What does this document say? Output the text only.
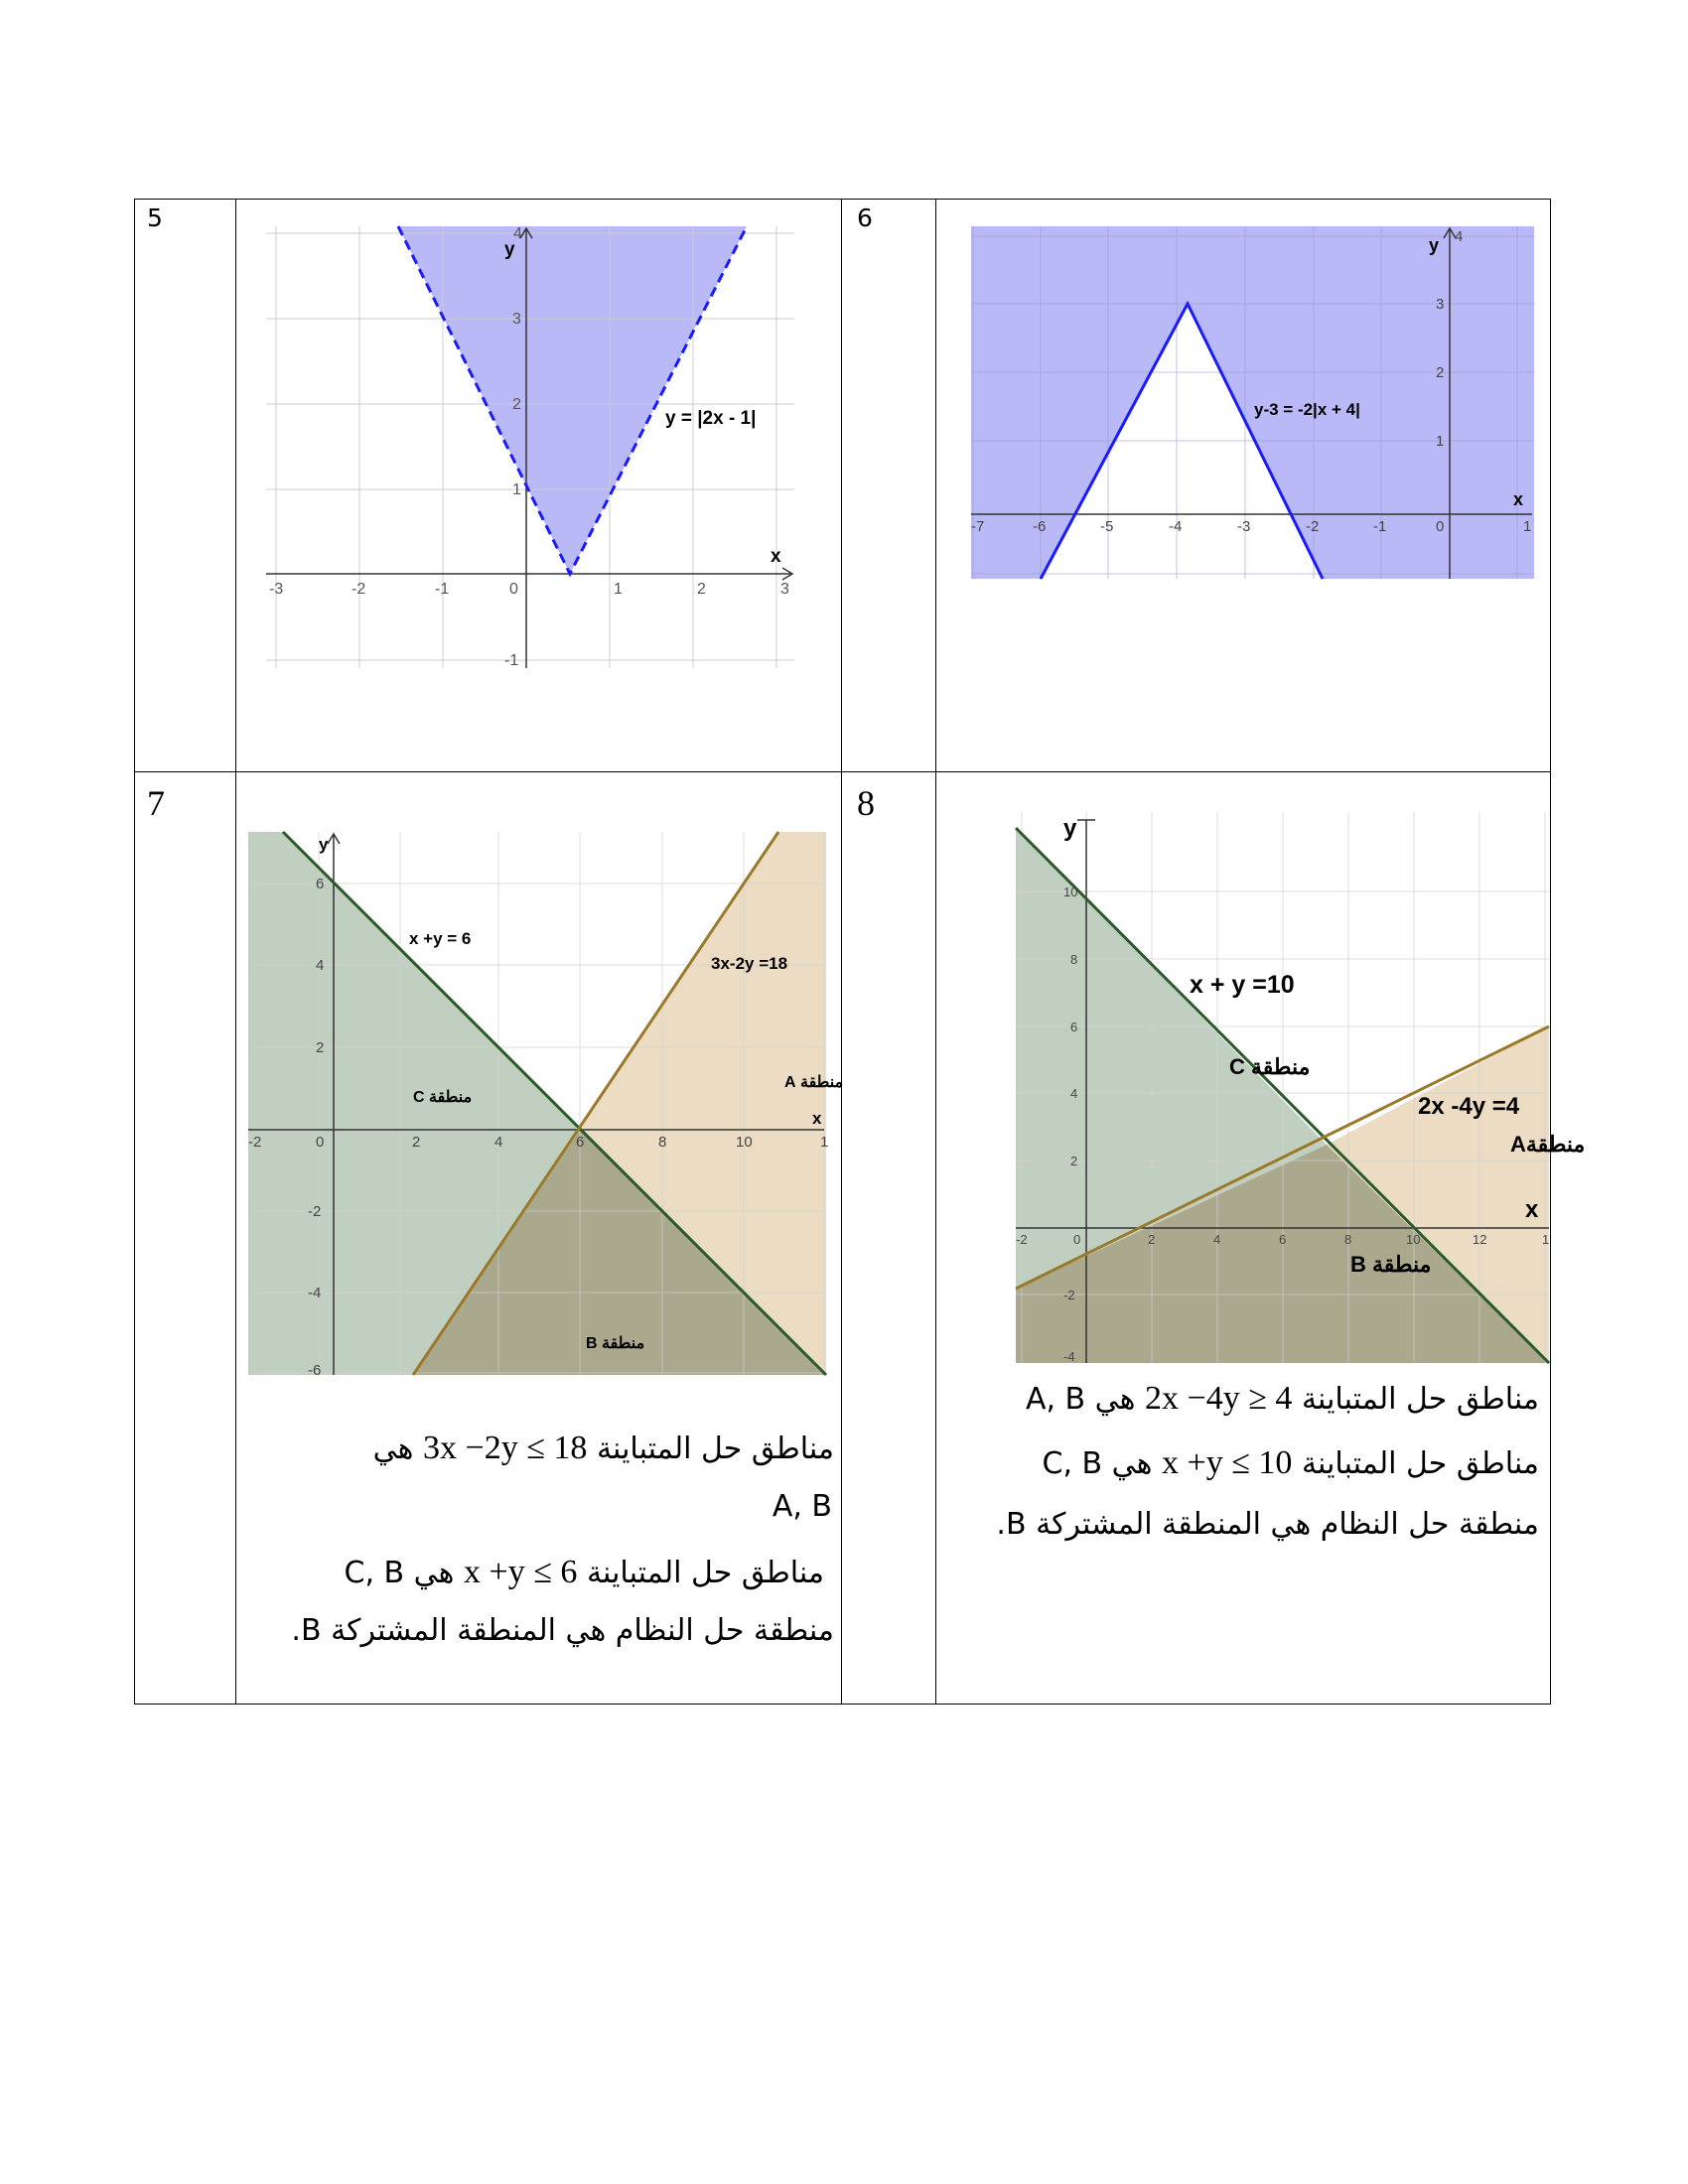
5	6
7	8
-3	-2	-1	0	1	2	3
4
3
2
1
-1
x
y
y = |2x - 1|
-7	-6	-5	-4	-3	-2	-1	0	1
4
3
2
1
x
y
y-3 = -2|x + 4|
-2	0	2	4	6	8	10	1
6
4
2
-2
-4
-6
x
y
x +y = 6
3x-2y =18
منطقة A
منطقة B
منطقة C
-2	0	2	4	6	8	10	12	1
10
8
6
4
2
-2
-4
x
y
x + y =10
2x -4y =4
منطقةA
منطقة B
منطقة C
مناطق حل المتباينة 3x −2y ≤ 18 هي
A, B
مناطق حل المتباينة x +y ≤ 6 هي C, B
منطقة حل النظام هي المنطقة المشتركة B.
مناطق حل المتباينة 2x −4y ≥ 4 هي A, B
مناطق حل المتباينة x +y ≤ 10 هي C, B
منطقة حل النظام هي المنطقة المشتركة B.
